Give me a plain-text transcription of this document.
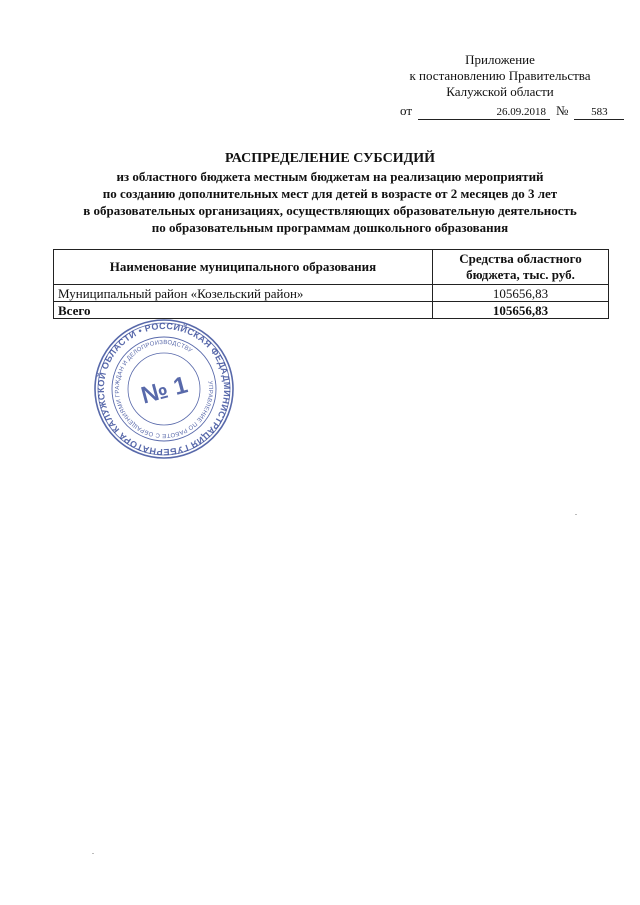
Приложение
к постановлению Правительства
Калужской области
от	26.09.2018 № 583
РАСПРЕДЕЛЕНИЕ СУБСИДИЙ
из областного бюджета местным бюджетам на реализацию мероприятий
по созданию дополнительных мест для детей в возрасте от 2 месяцев до 3 лет
в образовательных организациях, осуществляющих образовательную деятельность
по образовательным программам дошкольного образования
Наименование муниципального образования	Средства областного
бюджета, тыс. руб.
Муниципальный район «Козельский район»	105656,83
Всего	105656,83
АДМИНИСТРАЦИЯ ГУБЕРНАТОРА КАЛУЖСКОЙ ОБЛАСТИ • РОССИЙСКАЯ ФЕДЕРАЦИЯ
УПРАВЛЕНИЕ ПО РАБОТЕ С ОБРАЩЕНИЯМИ ГРАЖДАН И ДЕЛОПРОИЗВОДСТВУ
№ 1
